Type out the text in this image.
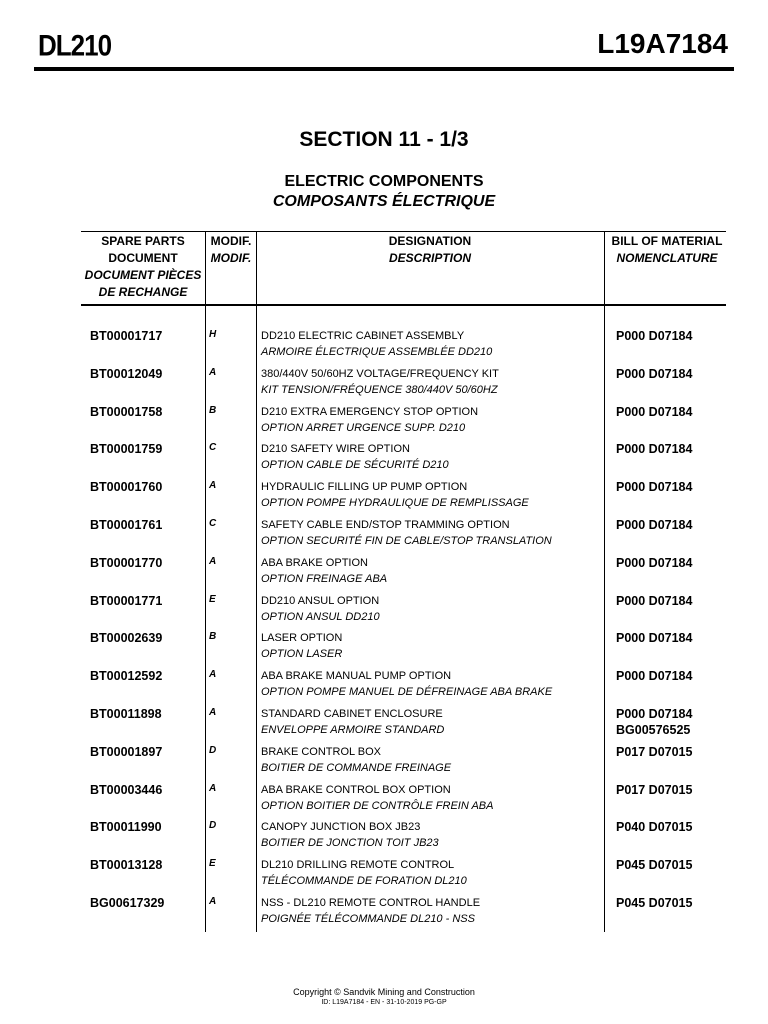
DL210	L19A7184
SECTION 11 - 1/3
ELECTRIC COMPONENTS
COMPOSANTS ÉLECTRIQUE
SPARE PARTS
DOCUMENT
DOCUMENT PIÈCES
DE RECHANGE
MODIF.
MODIF.
DESIGNATION
DESCRIPTION
BILL OF MATERIAL
NOMENCLATURE
BT00001717	H	DD210 ELECTRIC CABINET ASSEMBLY
ARMOIRE ÉLECTRIQUE ASSEMBLÉE DD210
P000 D07184
BT00012049	A	380/440V 50/60HZ VOLTAGE/FREQUENCY KIT
KIT TENSION/FRÉQUENCE 380/440V 50/60HZ
P000 D07184
BT00001758	B	D210 EXTRA EMERGENCY STOP OPTION
OPTION ARRET URGENCE SUPP. D210
P000 D07184
BT00001759	C	D210 SAFETY WIRE OPTION
OPTION CABLE DE SÉCURITÉ D210
P000 D07184
BT00001760	A	HYDRAULIC FILLING UP PUMP OPTION
OPTION POMPE HYDRAULIQUE DE REMPLISSAGE
P000 D07184
BT00001761	C	SAFETY CABLE END/STOP TRAMMING OPTION
OPTION SECURITÉ FIN DE CABLE/STOP TRANSLATION
P000 D07184
BT00001770	A	ABA BRAKE OPTION
OPTION FREINAGE ABA
P000 D07184
BT00001771	E	DD210 ANSUL OPTION
OPTION ANSUL DD210
P000 D07184
BT00002639	B	LASER OPTION
OPTION LASER
P000 D07184
BT00012592	A	ABA BRAKE MANUAL PUMP OPTION
OPTION POMPE MANUEL DE DÉFREINAGE ABA BRAKE
P000 D07184
BT00011898	A	STANDARD CABINET ENCLOSURE
ENVELOPPE ARMOIRE STANDARD
P000 D07184
BG00576525
BT00001897	D	BRAKE CONTROL BOX
BOITIER DE COMMANDE FREINAGE
P017 D07015
BT00003446	A	ABA BRAKE CONTROL BOX OPTION
OPTION BOITIER DE CONTRÔLE FREIN ABA
P017 D07015
BT00011990	D	CANOPY JUNCTION BOX JB23
BOITIER DE JONCTION TOIT JB23
P040 D07015
BT00013128	E	DL210 DRILLING REMOTE CONTROL
TÉLÉCOMMANDE DE FORATION DL210
P045 D07015
BG00617329	A	NSS - DL210 REMOTE CONTROL HANDLE
POIGNÉE TÉLÉCOMMANDE DL210 - NSS
P045 D07015
Copyright © Sandvik Mining and Construction
ID: L19A7184 - EN - 31-10-2019 PG-GP
